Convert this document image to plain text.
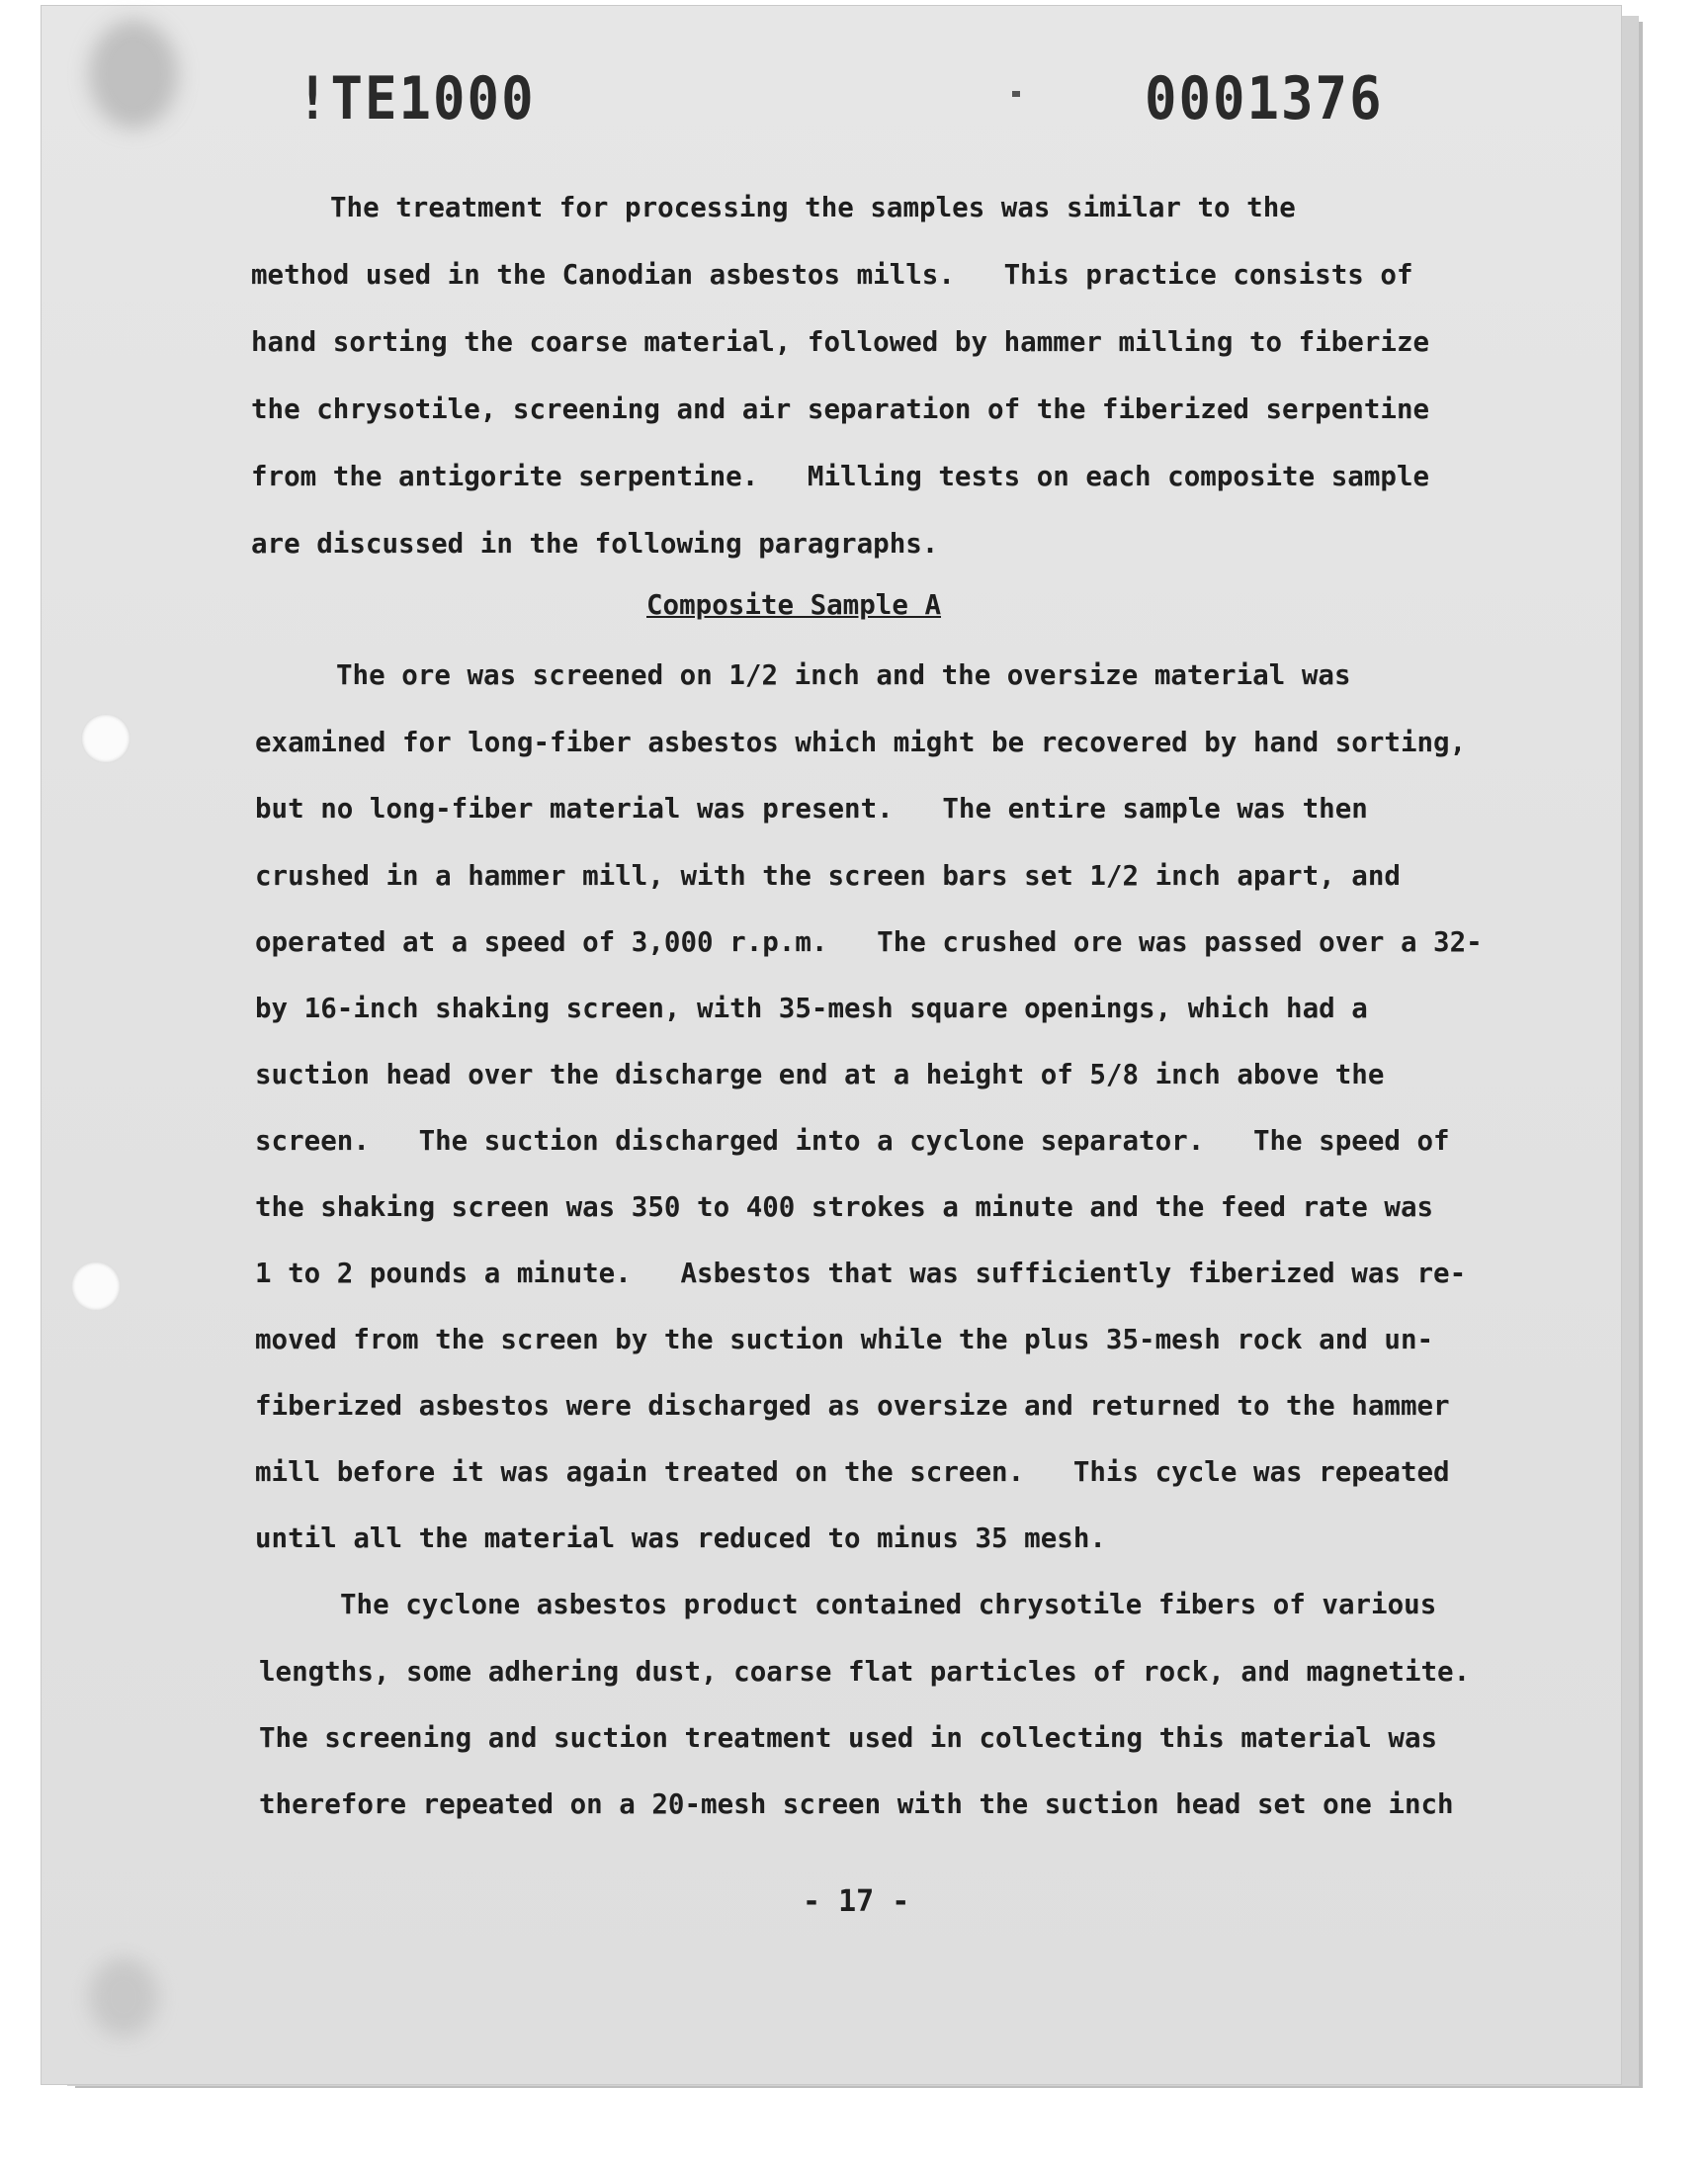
!TE1000	0001376
The treatment for processing the samples was similar to the
method used in the Canodian asbestos mills.   This practice consists of
hand sorting the coarse material, followed by hammer milling to fiberize
the chrysotile, screening and air separation of the fiberized serpentine
from the antigorite serpentine.   Milling tests on each composite sample
are discussed in the following paragraphs.
Composite Sample A
The ore was screened on 1/2 inch and the oversize material was
examined for long-fiber asbestos which might be recovered by hand sorting,
but no long-fiber material was present.   The entire sample was then
crushed in a hammer mill, with the screen bars set 1/2 inch apart, and
operated at a speed of 3,000 r.p.m.   The crushed ore was passed over a 32-
by 16-inch shaking screen, with 35-mesh square openings, which had a
suction head over the discharge end at a height of 5/8 inch above the
screen.   The suction discharged into a cyclone separator.   The speed of
the shaking screen was 350 to 400 strokes a minute and the feed rate was
1 to 2 pounds a minute.   Asbestos that was sufficiently fiberized was re-
moved from the screen by the suction while the plus 35-mesh rock and un-
fiberized asbestos were discharged as oversize and returned to the hammer
mill before it was again treated on the screen.   This cycle was repeated
until all the material was reduced to minus 35 mesh.
The cyclone asbestos product contained chrysotile fibers of various
lengths, some adhering dust, coarse flat particles of rock, and magnetite.
The screening and suction treatment used in collecting this material was
therefore repeated on a 20-mesh screen with the suction head set one inch
- 17 -
